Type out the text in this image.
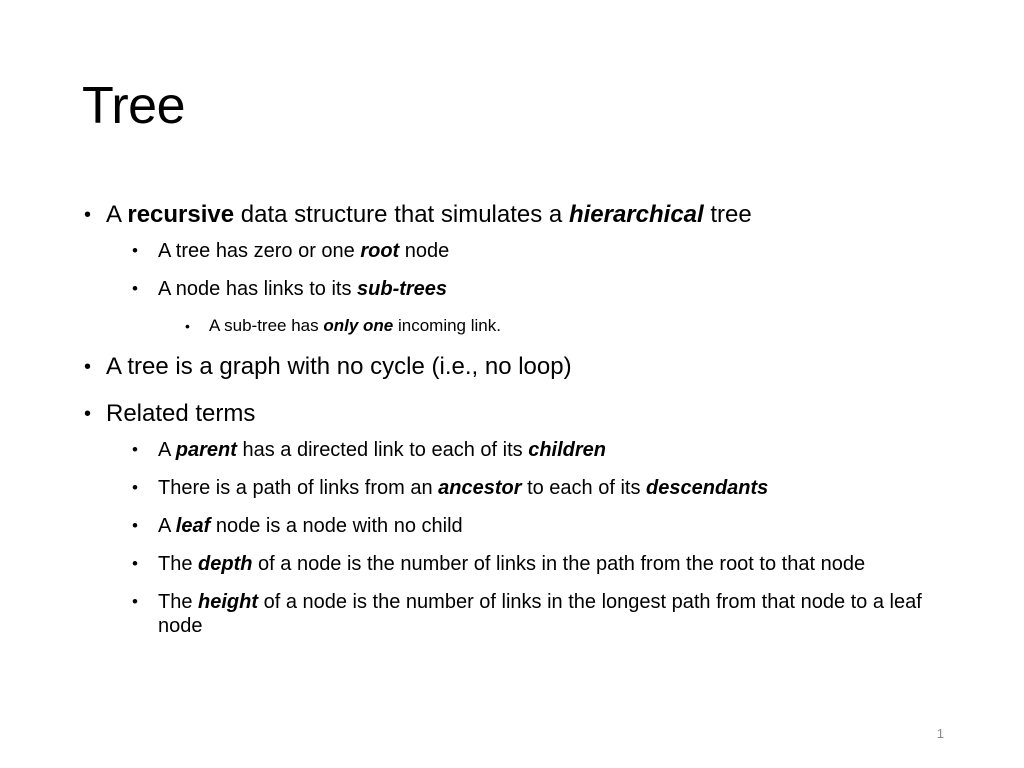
Tree
• A recursive data structure that simulates a hierarchical tree
• A tree has zero or one root node
• A node has links to its sub-trees
• A sub-tree has only one incoming link.
• A tree is a graph with no cycle (i.e., no loop)
• Related terms
• A parent has a directed link to each of its children
• There is a path of links from an ancestor to each of its descendants
• A leaf node is a node with no child
• The depth of a node is the number of links in the path from the root to that node
• The height of a node is the number of links in the longest path from that node to a leaf node
1
